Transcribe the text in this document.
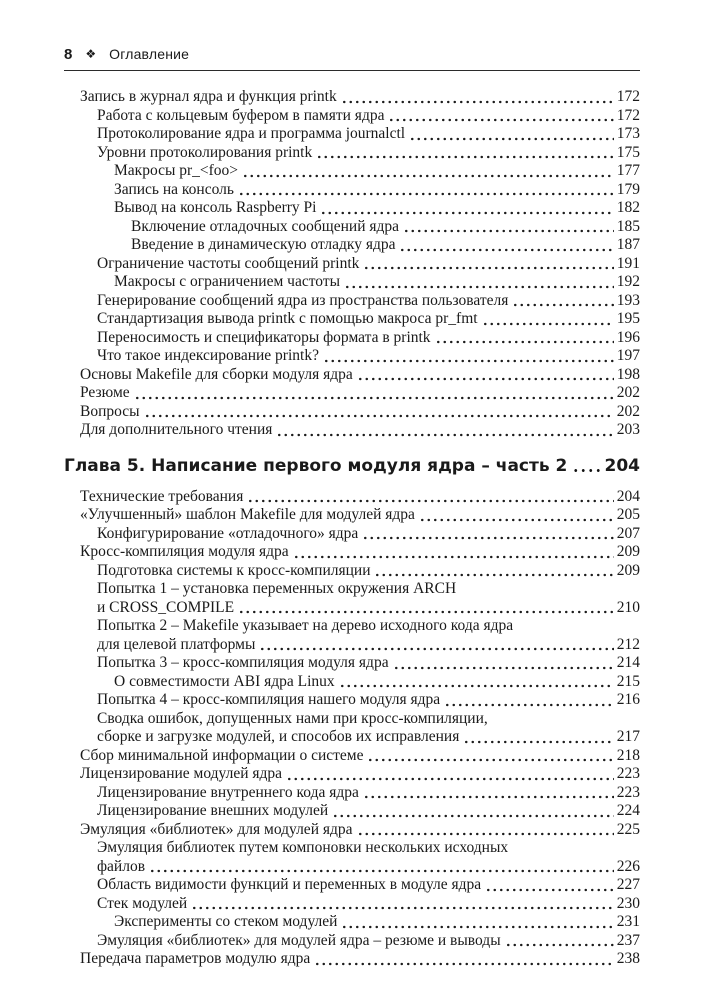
8 ❖ Оглавление
Запись в журнал ядра и функция printk	172
Работа с кольцевым буфером в памяти ядра	172
Протоколирование ядра и программа journalctl	173
Уровни протоколирования printk	175
Макросы pr_<foo>	177
Запись на консоль	179
Вывод на консоль Raspberry Pi	182
Включение отладочных сообщений ядра	185
Введение в динамическую отладку ядра	187
Ограничение частоты сообщений printk	191
Макросы с ограничением частоты	192
Генерирование сообщений ядра из пространства пользователя	193
Стандартизация вывода printk с помощью макроса pr_fmt	195
Переносимость и спецификаторы формата в printk	196
Что такое индексирование printk?	197
Основы Makefile для сборки модуля ядра	198
Резюме	202
Вопросы	202
Для дополнительного чтения	203
Глава 5. Написание первого модуля ядра – часть 2 204
Технические требования	204
«Улучшенный» шаблон Makefile для модулей ядра	205
Конфигурирование «отладочного» ядра	207
Кросс-компиляция модуля ядра	209
Подготовка системы к кросс-компиляции	209
Попытка 1 – установка переменных окружения ARCH
и CROSS_COMPILE	210
Попытка 2 – Makefile указывает на дерево исходного кода ядра
для целевой платформы	212
Попытка 3 – кросс-компиляция модуля ядра	214
О совместимости ABI ядра Linux	215
Попытка 4 – кросс-компиляция нашего модуля ядра	216
Сводка ошибок, допущенных нами при кросс-компиляции,
сборке и загрузке модулей, и способов их исправления	217
Сбор минимальной информации о системе	218
Лицензирование модулей ядра	223
Лицензирование внутреннего кода ядра	223
Лицензирование внешних модулей	224
Эмуляция «библиотек» для модулей ядра	225
Эмуляция библиотек путем компоновки нескольких исходных
файлов	226
Область видимости функций и переменных в модуле ядра	227
Стек модулей	230
Эксперименты со стеком модулей	231
Эмуляция «библиотек» для модулей ядра – резюме и выводы	237
Передача параметров модулю ядра	238
